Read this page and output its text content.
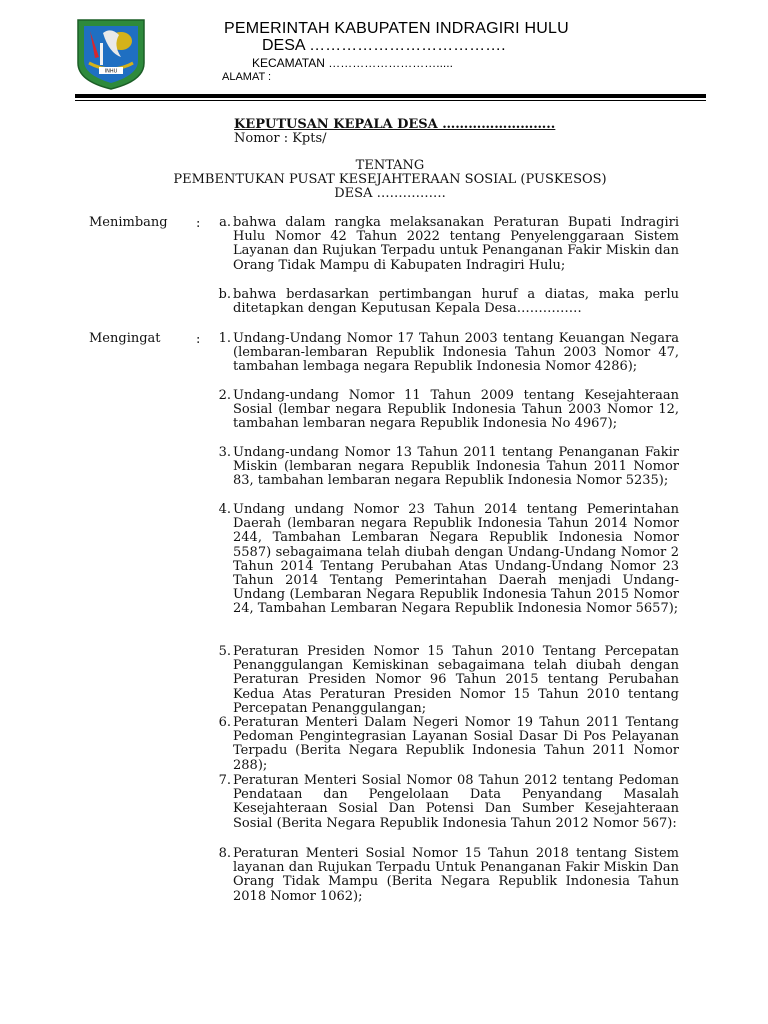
INHU
PEMERINTAH KABUPATEN INDRAGIRI HULU
DESA ……………………………….
KECAMATAN ……………………….....
ALAMAT :
KEPUTUSAN KEPALA DESA ……………………..
Nomor : Kpts/
TENTANG
PEMBENTUKAN PUSAT KESEJAHTERAAN SOSIAL (PUSKESOS)
DESA …………….
Menimbang :
Mengingat	:
a. bahwa dalam rangka melaksanakan Peraturan Bupati Indragiri Hulu Nomor 42 Tahun 2022 tentang Penyelenggaraan Sistem Layanan dan Rujukan Terpadu untuk Penanganan Fakir Miskin dan Orang Tidak Mampu di Kabupaten Indragiri Hulu;
b. bahwa berdasarkan pertimbangan huruf a diatas, maka perlu ditetapkan dengan Keputusan Kepala Desa……………
1. Undang-Undang Nomor 17 Tahun 2003 tentang Keuangan Negara (lembaran-lembaran Republik Indonesia Tahun 2003 Nomor 47, tambahan lembaga negara Republik Indonesia Nomor 4286);
2. Undang-undang Nomor 11 Tahun 2009 tentang Kesejahteraan Sosial (lembar negara Republik Indonesia Tahun 2003 Nomor 12, tambahan lembaran negara Republik Indonesia No 4967);
3. Undang-undang Nomor 13 Tahun 2011 tentang Penanganan Fakir Miskin (lembaran negara Republik Indonesia Tahun 2011 Nomor 83, tambahan lembaran negara Republik Indonesia Nomor 5235);
4. Undang undang Nomor 23 Tahun 2014 tentang Pemerintahan Daerah (lembaran negara Republik Indonesia Tahun 2014 Nomor 244, Tambahan Lembaran Negara Republik Indonesia Nomor 5587) sebagaimana telah diubah dengan Undang-Undang Nomor 2 Tahun 2014 Tentang Perubahan Atas Undang-Undang Nomor 23 Tahun 2014 Tentang Pemerintahan Daerah menjadi Undang-Undang (Lembaran Negara Republik Indonesia Tahun 2015 Nomor 24, Tambahan Lembaran Negara Republik Indonesia Nomor 5657);
5. Peraturan Presiden Nomor 15 Tahun 2010 Tentang Percepatan Penanggulangan Kemiskinan sebagaimana telah diubah dengan Peraturan Presiden Nomor 96 Tahun 2015 tentang Perubahan Kedua Atas Peraturan Presiden Nomor 15 Tahun 2010 tentang Percepatan Penanggulangan;
6. Peraturan Menteri Dalam Negeri Nomor 19 Tahun 2011 Tentang Pedoman Pengintegrasian Layanan Sosial Dasar Di Pos Pelayanan Terpadu (Berita Negara Republik Indonesia Tahun 2011 Nomor 288);
7. Peraturan Menteri Sosial Nomor 08 Tahun 2012 tentang Pedoman Pendataan dan Pengelolaan Data Penyandang Masalah Kesejahteraan Sosial Dan Potensi Dan Sumber Kesejahteraan Sosial (Berita Negara Republik Indonesia Tahun 2012 Nomor 567):
8. Peraturan Menteri Sosial Nomor 15 Tahun 2018 tentang Sistem layanan dan Rujukan Terpadu Untuk Penanganan Fakir Miskin Dan Orang Tidak Mampu (Berita Negara Republik Indonesia Tahun 2018 Nomor 1062);
